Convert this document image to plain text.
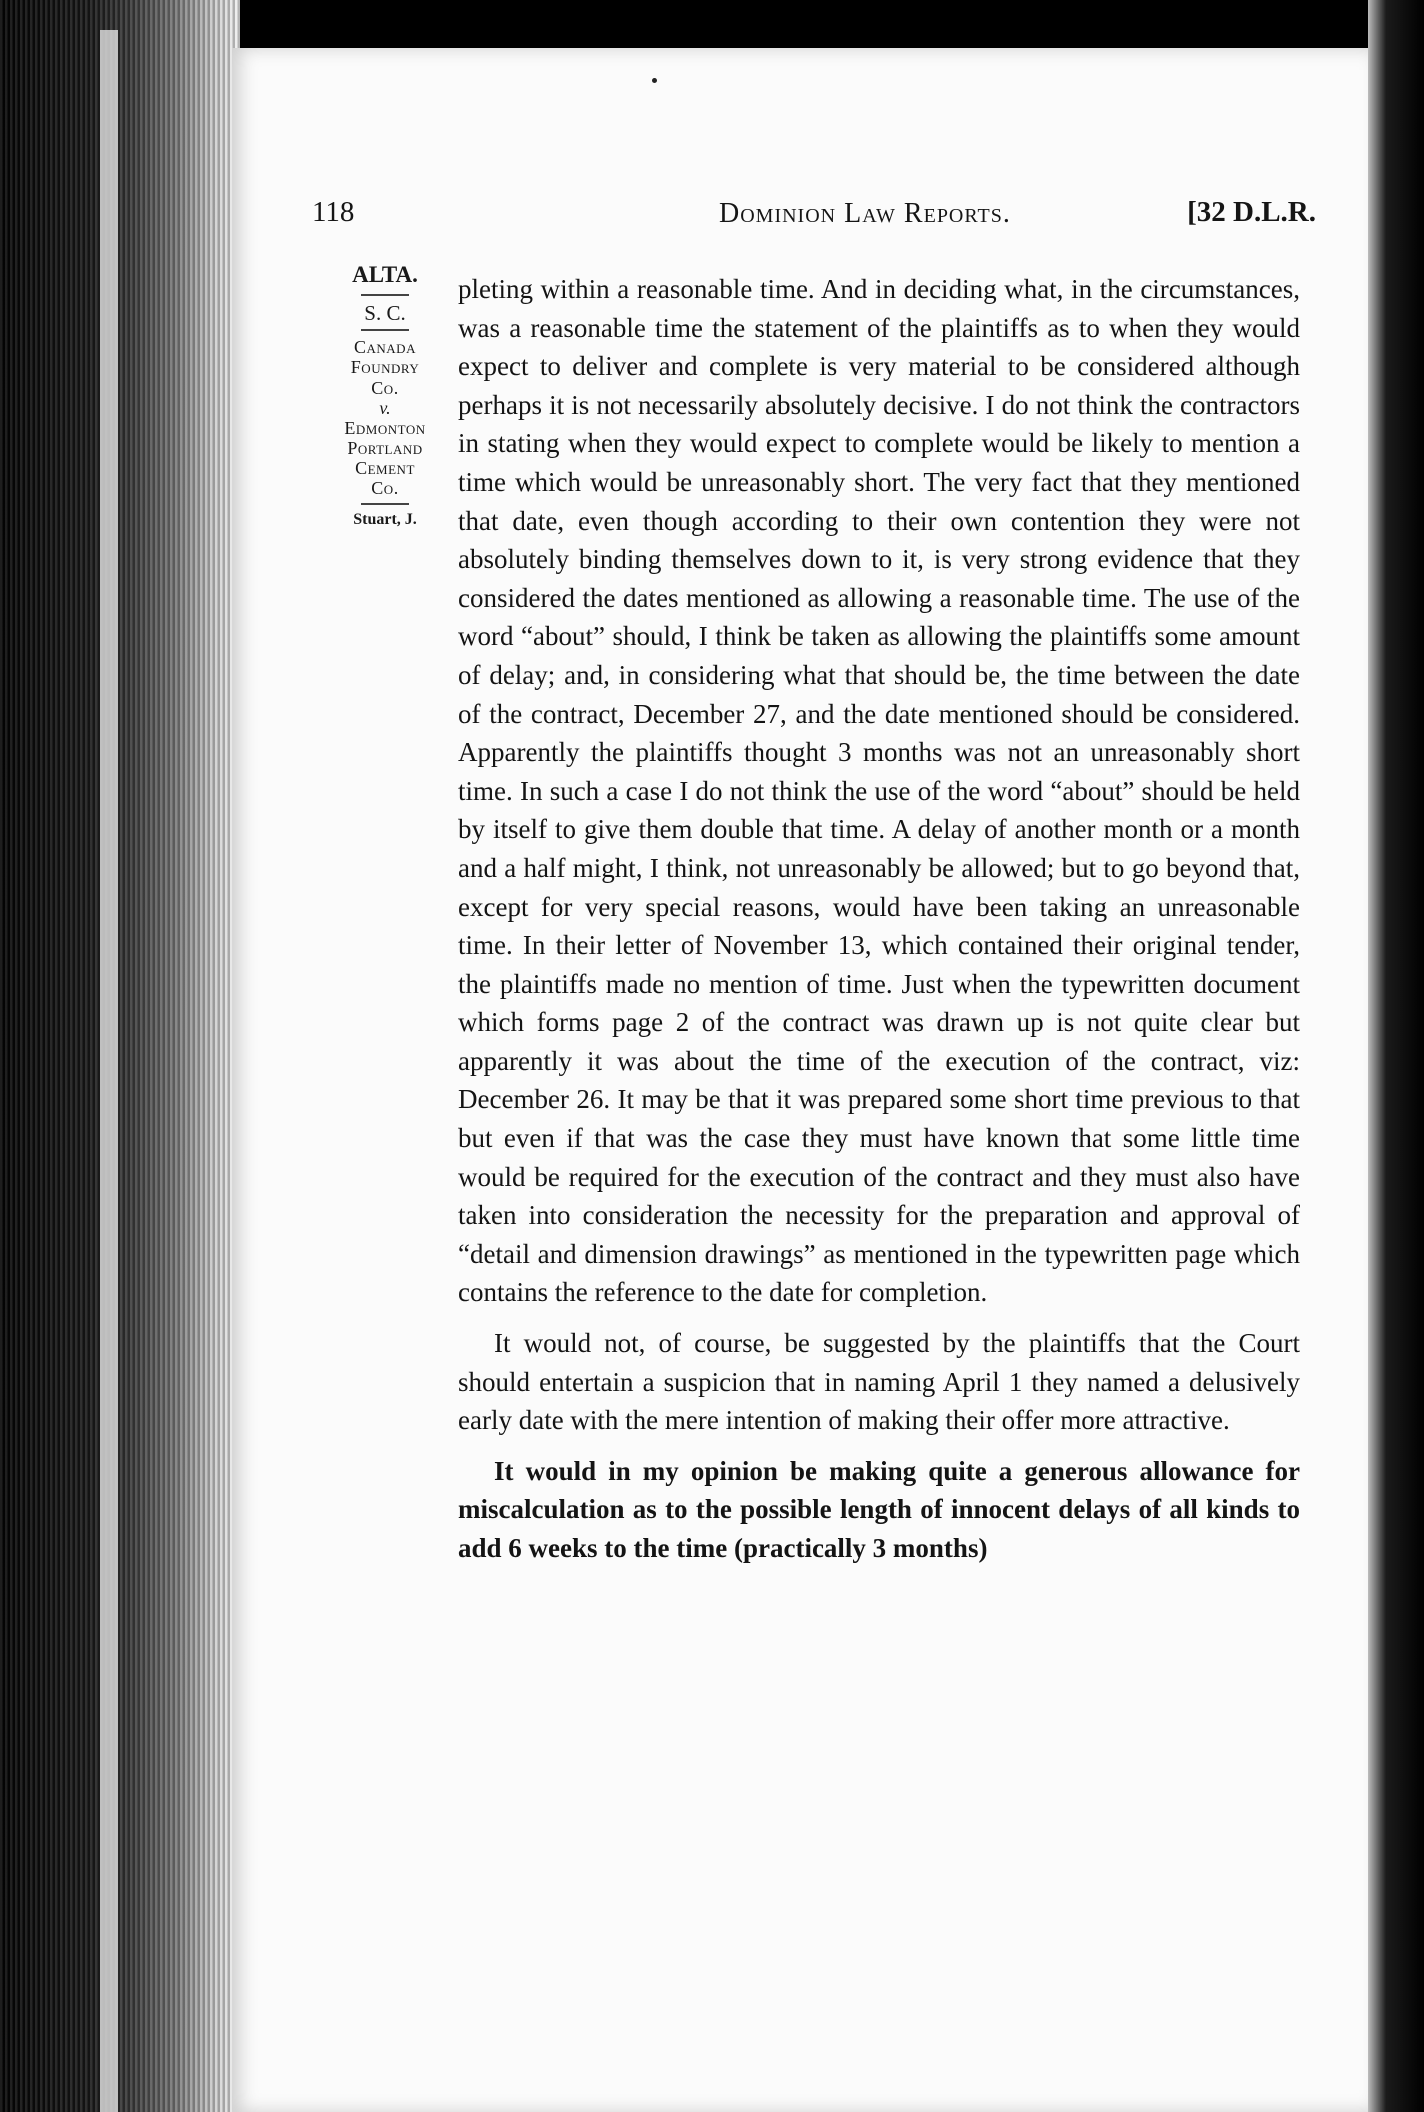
118	Dominion Law Reports.	[32 D.L.R.
ALTA.
S. C.
Canada
Foundry
Co.
v.
Edmonton
Portland
Cement
Co.
Stuart, J.

pleting within a reasonable time. And in deciding what, in the circumstances, was a reasonable time the statement of the plaintiffs as to when they would expect to deliver and complete is very material to be considered although perhaps it is not necessarily absolutely decisive. I do not think the contractors in stating when they would expect to complete would be likely to mention a time which would be unreasonably short. The very fact that they mentioned that date, even though according to their own contention they were not absolutely binding themselves down to it, is very strong evidence that they considered the dates mentioned as allowing a reasonable time. The use of the word “about” should, I think be taken as allowing the plaintiffs some amount of delay; and, in considering what that should be, the time between the date of the contract, December 27, and the date mentioned should be considered. Apparently the plaintiffs thought 3 months was not an unreasonably short time. In such a case I do not think the use of the word “about” should be held by itself to give them double that time. A delay of another month or a month and a half might, I think, not unreasonably be allowed; but to go beyond that, except for very special reasons, would have been taking an unreasonable time. In their letter of November 13, which contained their original tender, the plaintiffs made no mention of time. Just when the typewritten document which forms page 2 of the contract was drawn up is not quite clear but apparently it was about the time of the execution of the contract, viz: December 26. It may be that it was prepared some short time previous to that but even if that was the case they must have known that some little time would be required for the execution of the contract and they must also have taken into consideration the necessity for the preparation and approval of “detail and dimension drawings” as mentioned in the typewritten page which contains the reference to the date for completion.

It would not, of course, be suggested by the plaintiffs that the Court should entertain a suspicion that in naming April 1 they named a delusively early date with the mere intention of making their offer more attractive.

It would in my opinion be making quite a generous allowance for miscalculation as to the possible length of innocent delays of all kinds to add 6 weeks to the time (practically 3 months)
